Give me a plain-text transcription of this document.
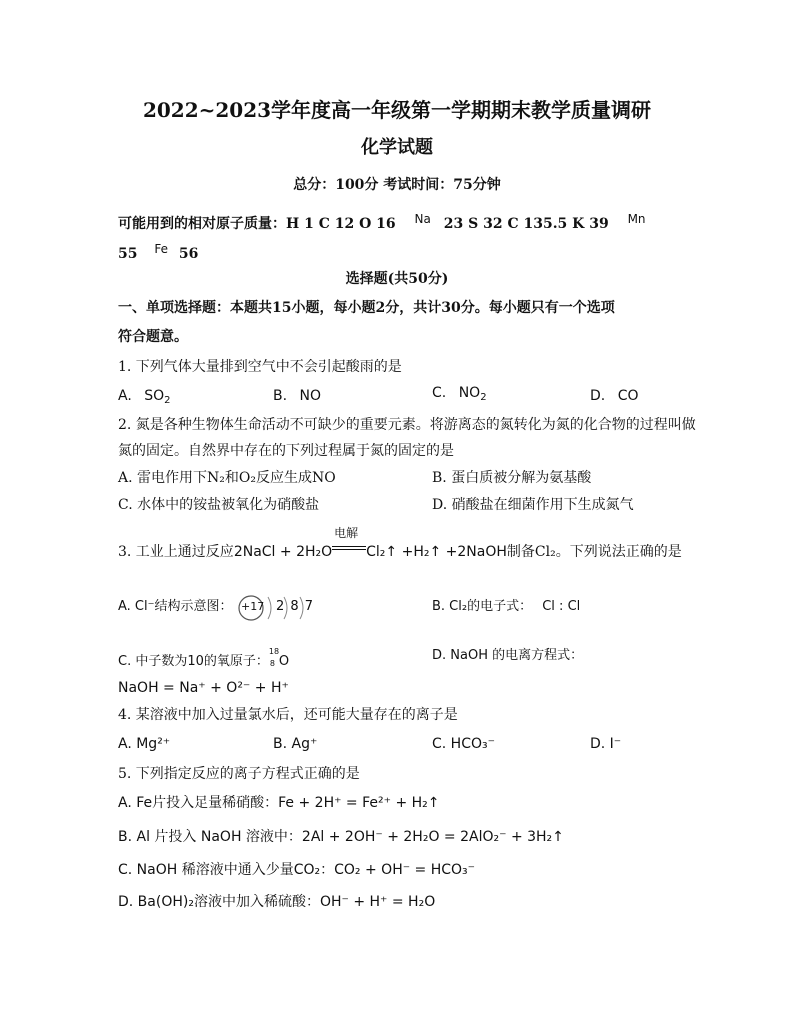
2022~2023学年度高一年级第一学期期末教学质量调研
化学试题
总分：100分 考试时间：75分钟
可能用到的相对原子质量：H 1 C 12 O 16 Na 23 S 32 C 135.5 K 39 Mn
55 Fe 56
选择题(共50分)
一、单项选择题：本题共15小题，每小题2分，共计30分。每小题只有一个选项
符合题意。
1. 下列气体大量排到空气中不会引起酸雨的是
A. $SO_2$	B. NO	C. $NO_2$	D. CO
2. 氮是各种生物体生命活动不可缺少的重要元素。将游离态的氮转化为氮的化合物的过程叫做
氮的固定。自然界中存在的下列过程属于氮的固定的是
A. 雷电作用下N₂和O₂反应生成NO	B. 蛋白质被分解为氨基酸
C. 水体中的铵盐被氧化为硝酸盐	D. 硝酸盐在细菌作用下生成氮气
3. 工业上通过反应2NaCl + 2H₂O
电解
Cl₂↑ +H₂↑ +2NaOH制备Cl₂。下列说法正确的是
A. Cl⁻结构示意图： +17 2 8 7	B. Cl₂的电子式： Cl : Cl
C. 中子数为10的氧原子：
18
8 O	D. NaOH 的电离方程式：
NaOH = Na⁺ + O²⁻ + H⁺
4. 某溶液中加入过量氯水后，还可能大量存在的离子是
A. Mg²⁺	B. Ag⁺	C. HCO₃⁻	D. I⁻
5. 下列指定反应的离子方程式正确的是
A. Fe片投入足量稀硝酸：Fe + 2H⁺ = Fe²⁺ + H₂↑
B. Al 片投入 NaOH 溶液中：2Al + 2OH⁻ + 2H₂O = 2AlO₂⁻ + 3H₂↑
C. NaOH 稀溶液中通入少量CO₂：CO₂ + OH⁻ = HCO₃⁻
D. Ba(OH)₂溶液中加入稀硫酸：OH⁻ + H⁺ = H₂O
